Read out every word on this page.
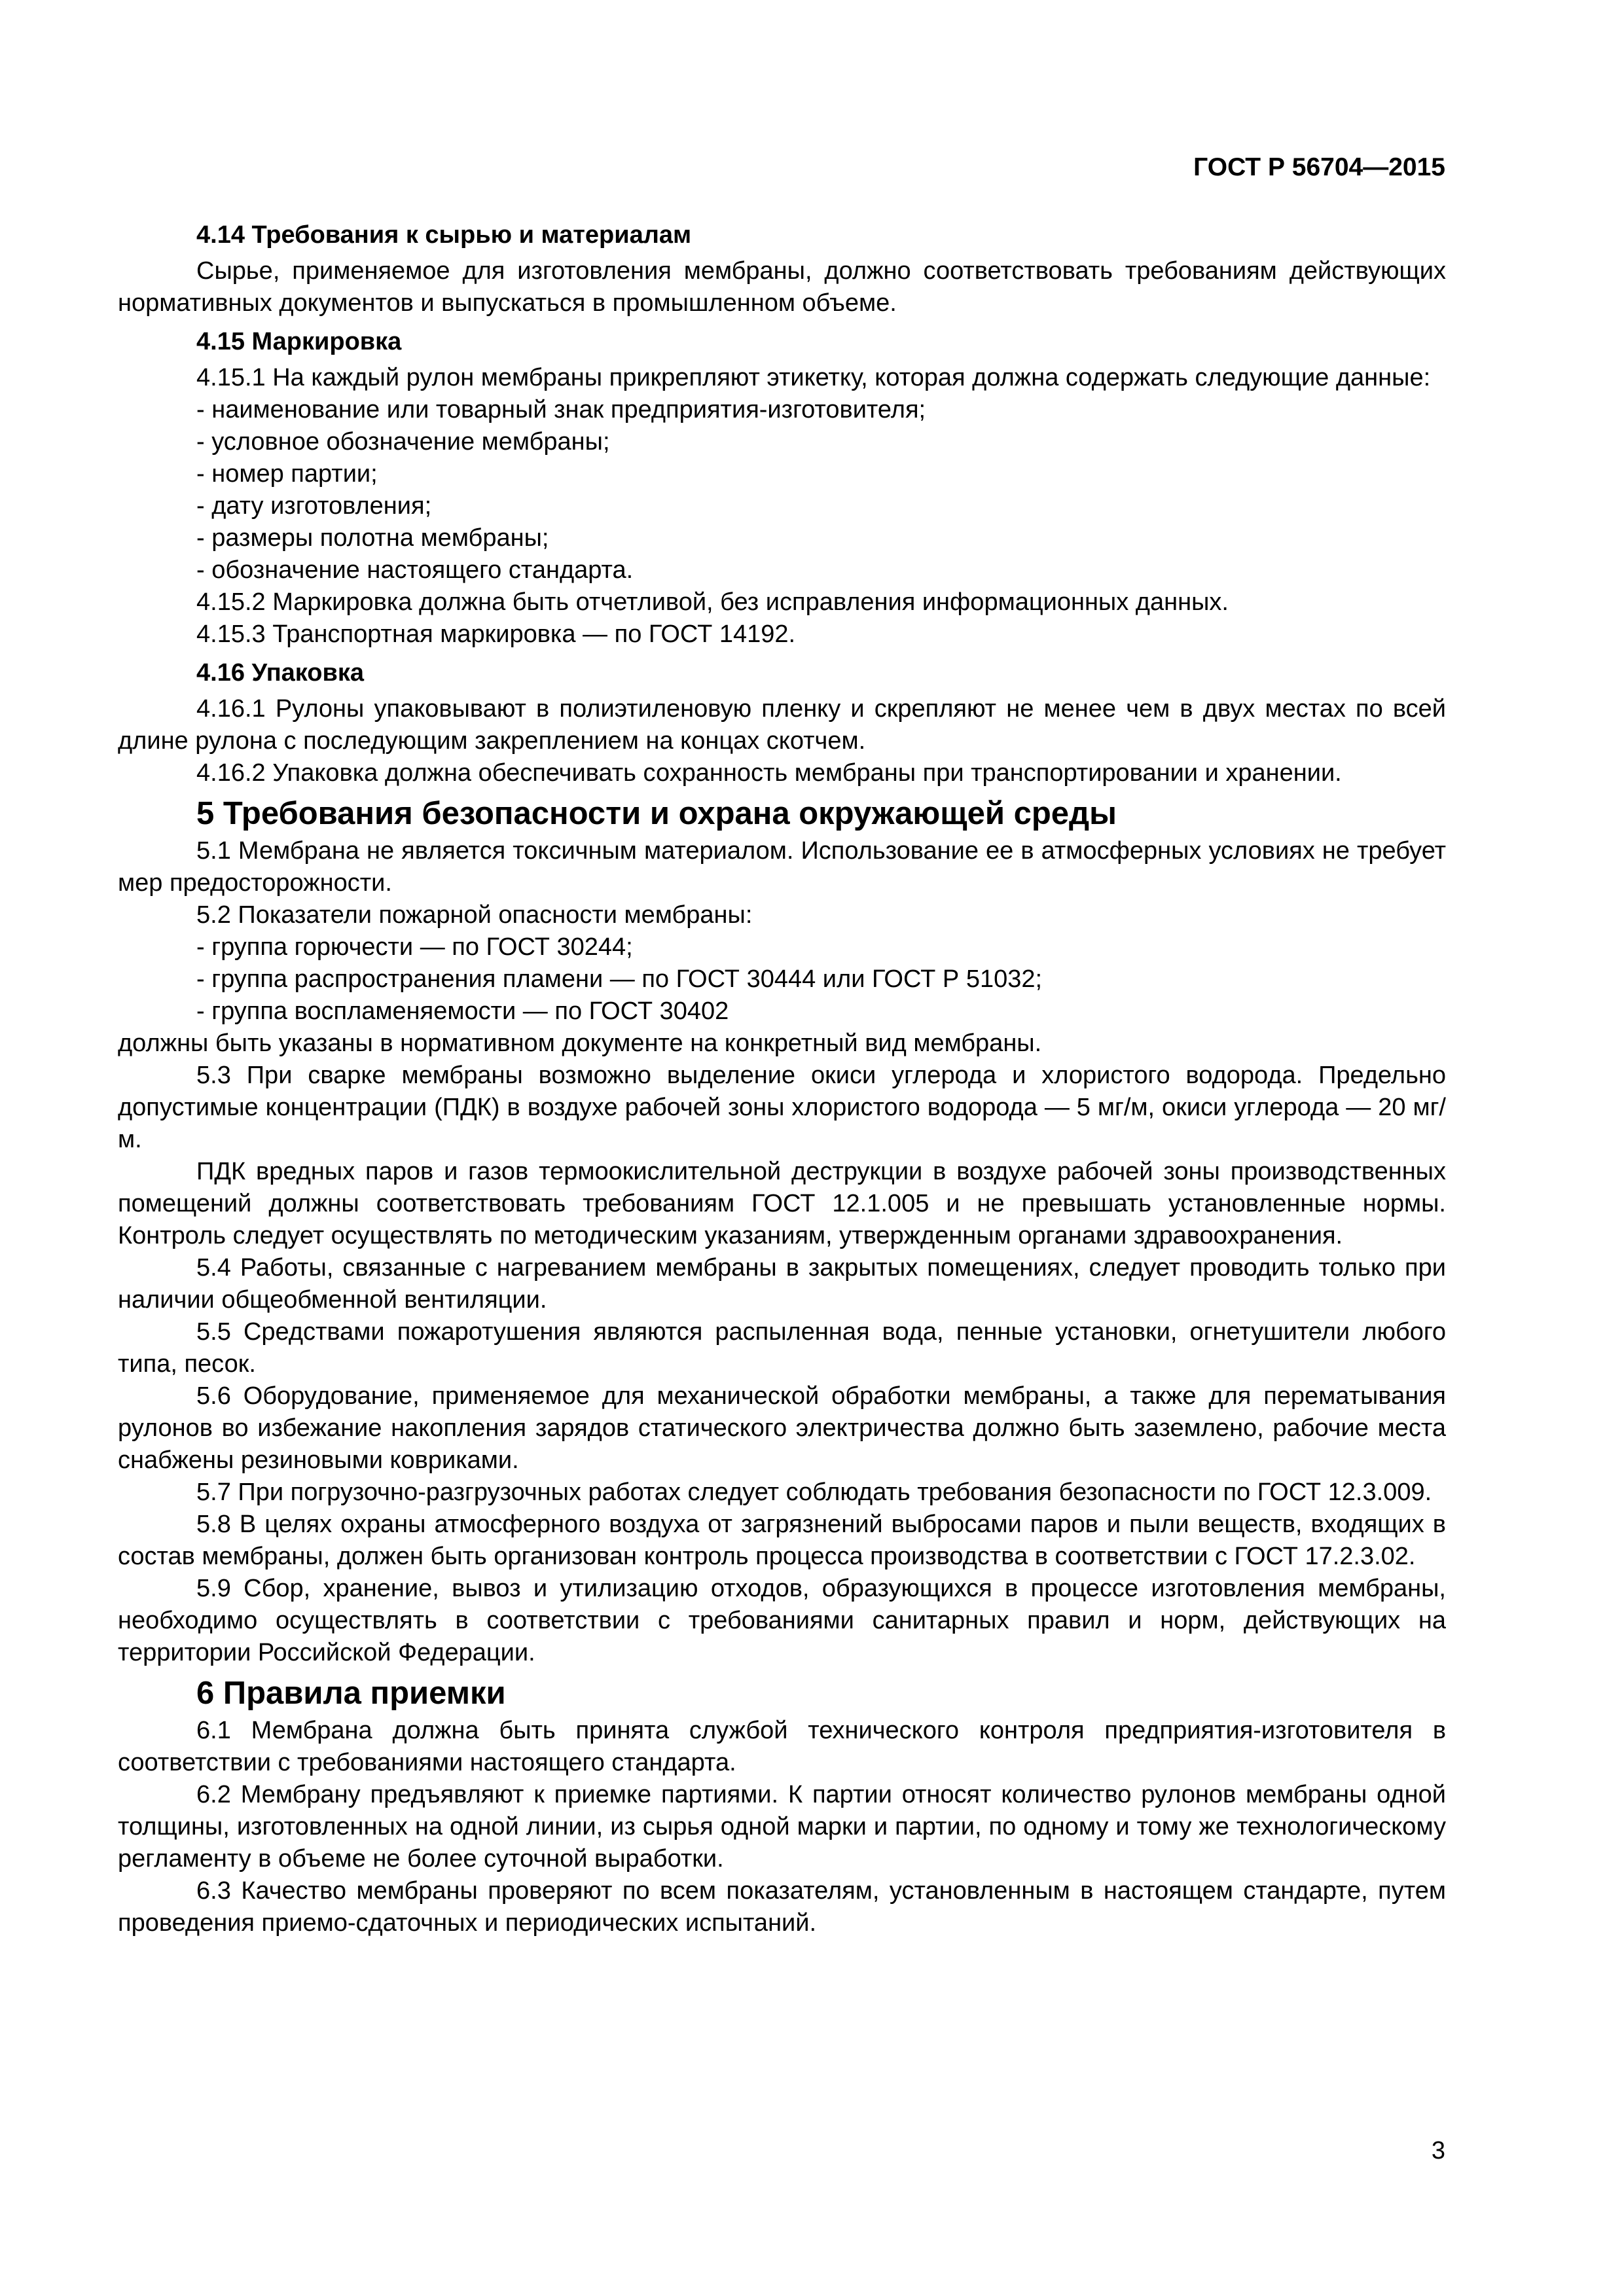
ГОСТ Р 56704—2015
4.14 Требования к сырью и материалам

Сырье, применяемое для изготовления мембраны, должно соответствовать требованиям действующих нормативных документов и выпускаться в промышленном объеме.

4.15 Маркировка

4.15.1 На каждый рулон мембраны прикрепляют этикетку, которая должна содержать следующие данные:

- наименование или товарный знак предприятия-изготовителя;

- условное обозначение мембраны;

- номер партии;

- дату изготовления;

- размеры полотна мембраны;

- обозначение настоящего стандарта.

4.15.2 Маркировка должна быть отчетливой, без исправления информационных данных.

4.15.3 Транспортная маркировка — по ГОСТ 14192.

4.16 Упаковка

4.16.1 Рулоны упаковывают в полиэтиленовую пленку и скрепляют не менее чем в двух местах по всей длине рулона с последующим закреплением на концах скотчем.

4.16.2 Упаковка должна обеспечивать сохранность мембраны при транспортировании и хранении.

5 Требования безопасности и охрана окружающей среды

5.1 Мембрана не является токсичным материалом. Использование ее в атмосферных условиях не требует мер предосторожности.

5.2 Показатели пожарной опасности мембраны:

- группа горючести — по ГОСТ 30244;

- группа распространения пламени — по ГОСТ 30444 или ГОСТ Р 51032;

- группа воспламеняемости — по ГОСТ 30402

должны быть указаны в нормативном документе на конкретный вид мембраны.

5.3 При сварке мембраны возможно выделение окиси углерода и хлористого водорода. Предельно допустимые концентрации (ПДК) в воздухе рабочей зоны хлористого водорода — 5 мг/м, окиси углерода — 20 мг/м.

ПДК вредных паров и газов термоокислительной деструкции в воздухе рабочей зоны производственных помещений должны соответствовать требованиям ГОСТ 12.1.005 и не превышать установленные нормы. Контроль следует осуществлять по методическим указаниям, утвержденным органами здравоохранения.

5.4 Работы, связанные с нагреванием мембраны в закрытых помещениях, следует проводить только при наличии общеобменной вентиляции.

5.5 Средствами пожаротушения являются распыленная вода, пенные установки, огнетушители любого типа, песок.

5.6 Оборудование, применяемое для механической обработки мембраны, а также для перематывания рулонов во избежание накопления зарядов статического электричества должно быть заземлено, рабочие места снабжены резиновыми ковриками.

5.7 При погрузочно-разгрузочных работах следует соблюдать требования безопасности по ГОСТ 12.3.009.

5.8 В целях охраны атмосферного воздуха от загрязнений выбросами паров и пыли веществ, входящих в состав мембраны, должен быть организован контроль процесса производства в соответствии с ГОСТ 17.2.3.02.

5.9 Сбор, хранение, вывоз и утилизацию отходов, образующихся в процессе изготовления мембраны, необходимо осуществлять в соответствии с требованиями санитарных правил и норм, действующих на территории Российской Федерации.

6 Правила приемки

6.1 Мембрана должна быть принята службой технического контроля предприятия-изготовителя в соответствии с требованиями настоящего стандарта.

6.2 Мембрану предъявляют к приемке партиями. К партии относят количество рулонов мембраны одной толщины, изготовленных на одной линии, из сырья одной марки и партии, по одному и тому же технологическому регламенту в объеме не более суточной выработки.

6.3 Качество мембраны проверяют по всем показателям, установленным в настоящем стандарте, путем проведения приемо-сдаточных и периодических испытаний.

3
